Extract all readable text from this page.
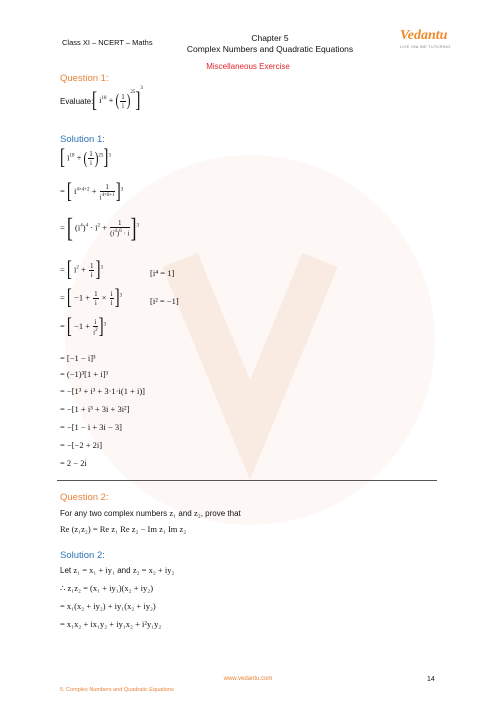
Class XI – NCERT – Maths	Chapter 5
Complex Numbers and Quadratic Equations
Vedantu
LIVE ONLINE TUTORING
Miscellaneous Exercise
Question 1:
Evaluate:
[ $i^{18}$ + ( $\frac{1}{i} )^{25}]^3$
Solution 1:
[ $i^{18}$ + ( $\frac{1}{i} )^{25}]^3$
= [ $i^{4\times 4+2} + \frac{1}{i^{4\times 6+1}} ]^3$
= [ $(i^4)^4 \cdot i^2 + \frac{1}{(i^4)^6 \cdot i} ]^3$
= [ $i^2 + \frac{1}{i} ]^3$	[i⁴ = 1]
= [ $-1 + \frac{1}{i} \times \frac{i}{i} ]^3$	[i² = −1]
= [ $-1 + \frac{i}{i^2} ]^3$
= [−1 − i]³
= (−1)³[1 + i]³
= −[1³ + i³ + 3·1·i(1 + i)]
= −[1 + i³ + 3i + 3i²]
= −[1 − i + 3i − 3]
= −[−2 + 2i]
= 2 − 2i
Question 2:
For any two complex numbers z₁ and z₂, prove that
Re (z₁z₂) = Re z₁ Re z₂ − Im z₁ Im z₂
Solution 2:
Let z₁ = x₁ + iy₁ and z₂ = x₂ + iy₂
∴ z₁z₂ = (x₁ + iy₁)(x₂ + iy₂)
= x₁(x₂ + iy₂) + iy₁(x₂ + iy₂)
= x₁x₂ + ix₁y₂ + iy₁x₂ + i²y₁y₂
www.vedantu.com	14
5. Complex Numbers and Quadratic Equations
